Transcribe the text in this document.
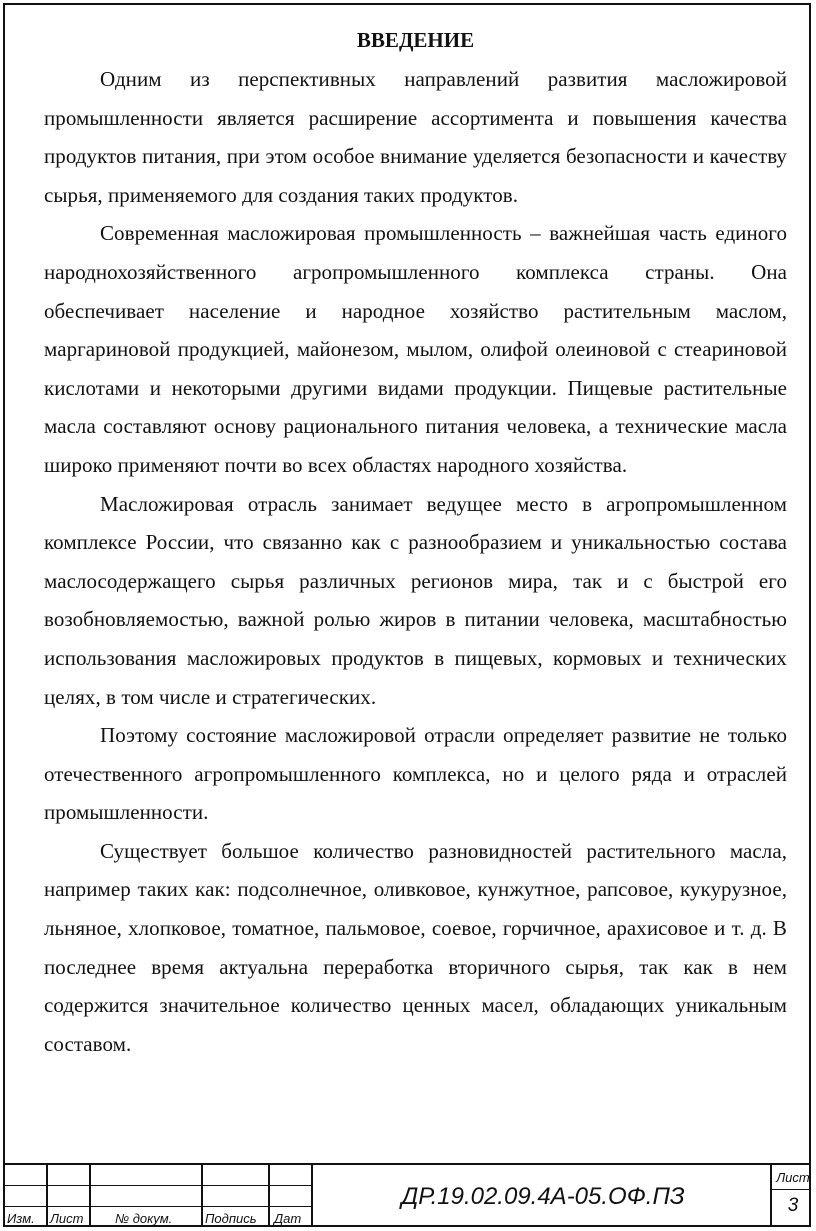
ВВЕДЕНИЕ

Одним из перспективных направлений развития масложировой промышленности является расширение ассортимента и повышения качества продуктов питания, при этом особое внимание уделяется безопасности и качеству сырья, применяемого для создания таких продуктов.

Современная масложировая промышленность – важнейшая часть единого народнохозяйственного агропромышленного комплекса страны. Она обеспечивает население и народное хозяйство растительным маслом, маргариновой продукцией, майонезом, мылом, олифой олеиновой с стеариновой кислотами и некоторыми другими видами продукции. Пищевые растительные масла составляют основу рационального питания человека, а технические масла широко применяют почти во всех областях народного хозяйства.

Масложировая отрасль занимает ведущее место в агропромышленном комплексе России, что связанно как с разнообразием и уникальностью состава маслосодержащего сырья различных регионов мира, так и с быстрой его возобновляемостью, важной ролью жиров в питании человека, масштабностью использования масложировых продуктов в пищевых, кормовых и технических целях, в том числе и стратегических.

Поэтому состояние масложировой отрасли определяет развитие не только отечественного агропромышленного комплекса, но и целого ряда и отраслей промышленности.

Существует большое количество разновидностей растительного масла, например таких как: подсолнечное, оливковое, кунжутное, рапсовое, кукурузное, льняное, хлопковое, томатное, пальмовое, соевое, горчичное, арахисовое и т. д. В последнее время актуальна переработка вторичного сырья, так как в нем содержится значительное количество ценных масел, обладающих уникальным составом.

Изм. Лист № докум.	Подпись Дат
ДР.19.02.09.4А-05.ОФ.ПЗ
Лист
3
